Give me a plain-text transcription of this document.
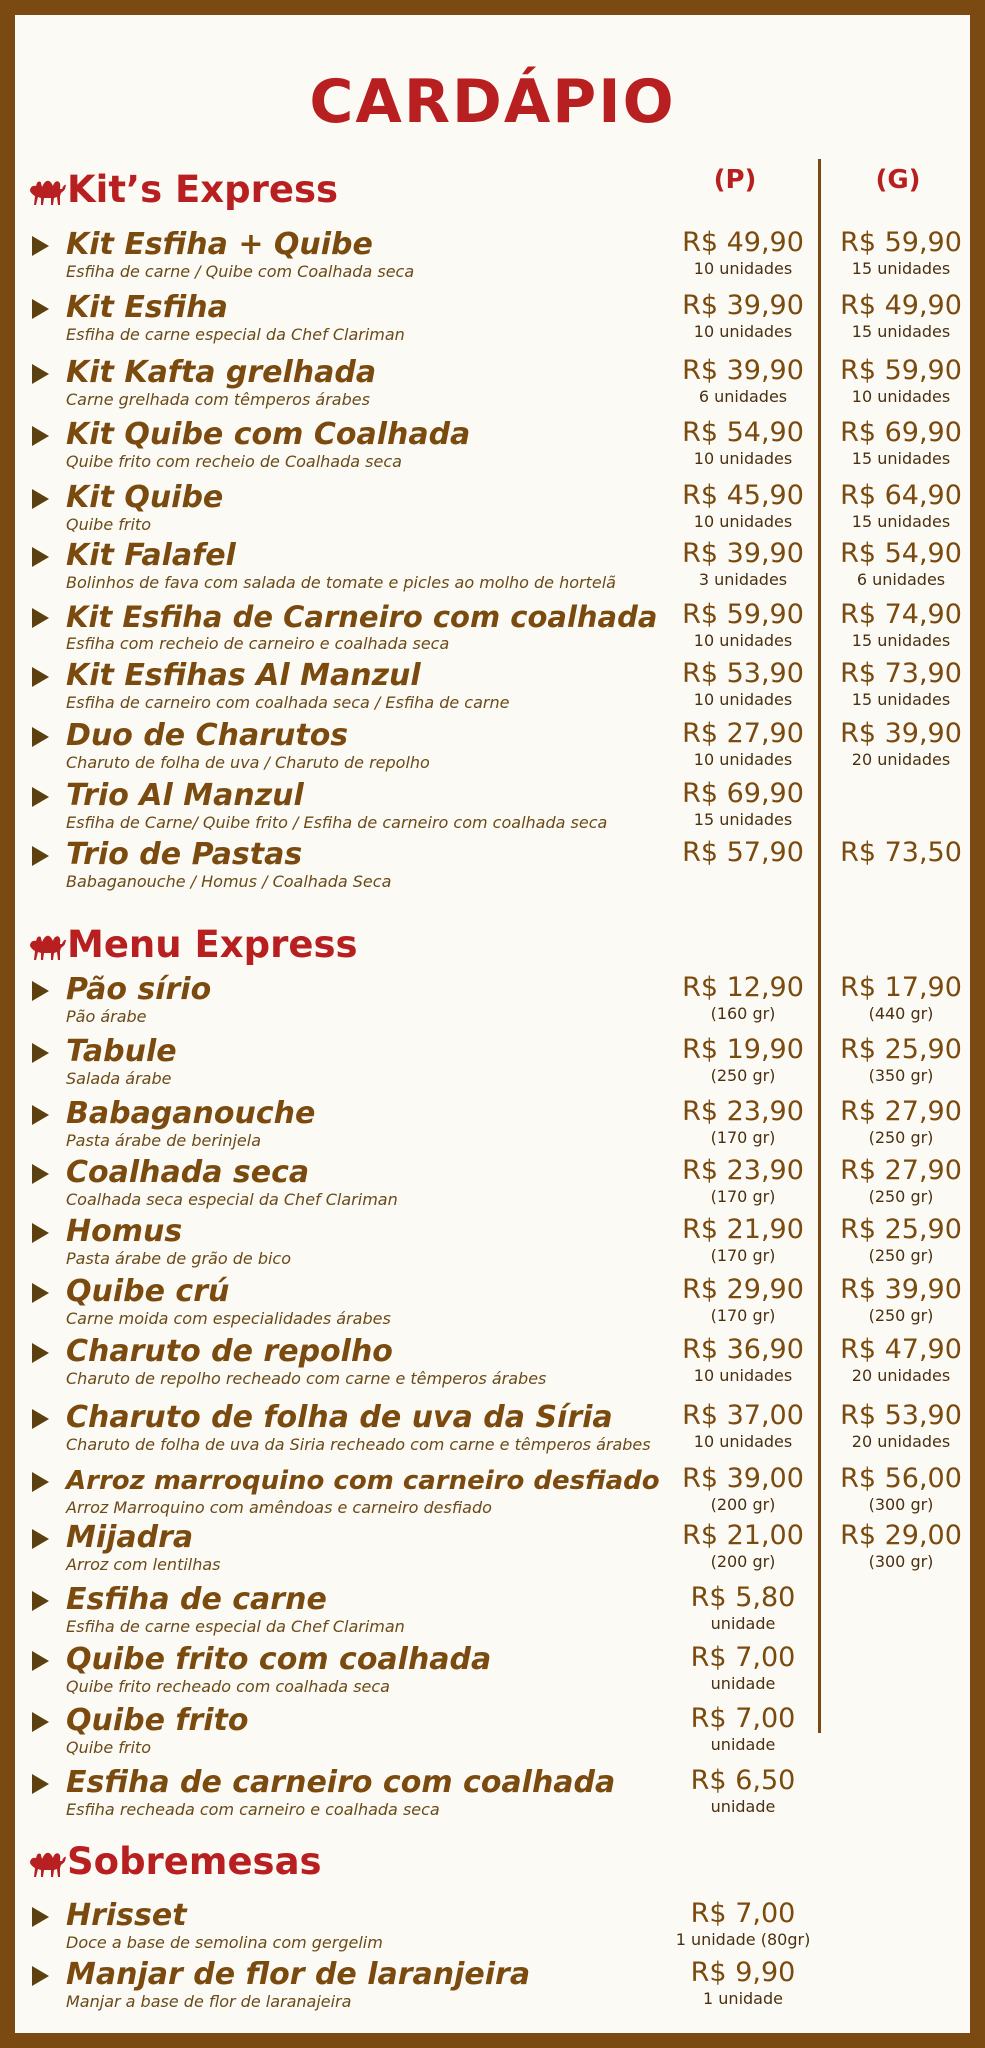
CARDÁPIO
(P)	(G)
Kit’s Express
Kit Esfiha + Quibe
Esfiha de carne / Quibe com Coalhada seca
R$ 49,90
10 unidades
R$ 59,90
15 unidades
Kit Esfiha
Esfiha de carne especial da Chef Clariman
R$ 39,90
10 unidades
R$ 49,90
15 unidades
Kit Kafta grelhada
Carne grelhada com têmperos árabes
R$ 39,90
6 unidades
R$ 59,90
10 unidades
Kit Quibe com Coalhada
Quibe frito com recheio de Coalhada seca
R$ 54,90
10 unidades
R$ 69,90
15 unidades
Kit Quibe
Quibe frito
R$ 45,90
10 unidades
R$ 64,90
15 unidades
Kit Falafel
Bolinhos de fava com salada de tomate e picles ao molho de hortelã
R$ 39,90
3 unidades
R$ 54,90
6 unidades
Kit Esfiha de Carneiro com coalhada
Esfiha com recheio de carneiro e coalhada seca
R$ 59,90
10 unidades
R$ 74,90
15 unidades
Kit Esfihas Al Manzul
Esfiha de carneiro com coalhada seca / Esfiha de carne
R$ 53,90
10 unidades
R$ 73,90
15 unidades
Duo de Charutos
Charuto de folha de uva / Charuto de repolho
R$ 27,90
10 unidades
R$ 39,90
20 unidades
Trio Al Manzul
Esfiha de Carne/ Quibe frito / Esfiha de carneiro com coalhada seca
R$ 69,90
15 unidades
Trio de Pastas
Babaganouche / Homus / Coalhada Seca
R$ 57,90	R$ 73,50
Menu Express
Pão sírio
Pão árabe
R$ 12,90
(160 gr)
R$ 17,90
(440 gr)
Tabule
Salada árabe
R$ 19,90
(250 gr)
R$ 25,90
(350 gr)
Babaganouche
Pasta árabe de berinjela
R$ 23,90
(170 gr)
R$ 27,90
(250 gr)
Coalhada seca
Coalhada seca especial da Chef Clariman
R$ 23,90
(170 gr)
R$ 27,90
(250 gr)
Homus
Pasta árabe de grão de bico
R$ 21,90
(170 gr)
R$ 25,90
(250 gr)
Quibe crú
Carne moida com especialidades árabes
R$ 29,90
(170 gr)
R$ 39,90
(250 gr)
Charuto de repolho
Charuto de repolho recheado com carne e têmperos árabes
R$ 36,90
10 unidades
R$ 47,90
20 unidades
Charuto de folha de uva da Síria
Charuto de folha de uva da Siria recheado com carne e têmperos árabes
R$ 37,00
10 unidades
R$ 53,90
20 unidades
Arroz marroquino com carneiro desfiado
Arroz Marroquino com amêndoas e carneiro desfiado
R$ 39,00
(200 gr)
R$ 56,00
(300 gr)
Mijadra
Arroz com lentilhas
R$ 21,00
(200 gr)
R$ 29,00
(300 gr)
Esfiha de carne
Esfiha de carne especial da Chef Clariman
R$ 5,80
unidade
Quibe frito com coalhada
Quibe frito recheado com coalhada seca
R$ 7,00
unidade
Quibe frito
Quibe frito
R$ 7,00
unidade
Esfiha de carneiro com coalhada
Esfiha recheada com carneiro e coalhada seca
R$ 6,50
unidade
Sobremesas
Hrisset
Doce a base de semolina com gergelim
R$ 7,00
1 unidade (80gr)
Manjar de flor de laranjeira
Manjar a base de flor de laranajeira
R$ 9,90
1 unidade
